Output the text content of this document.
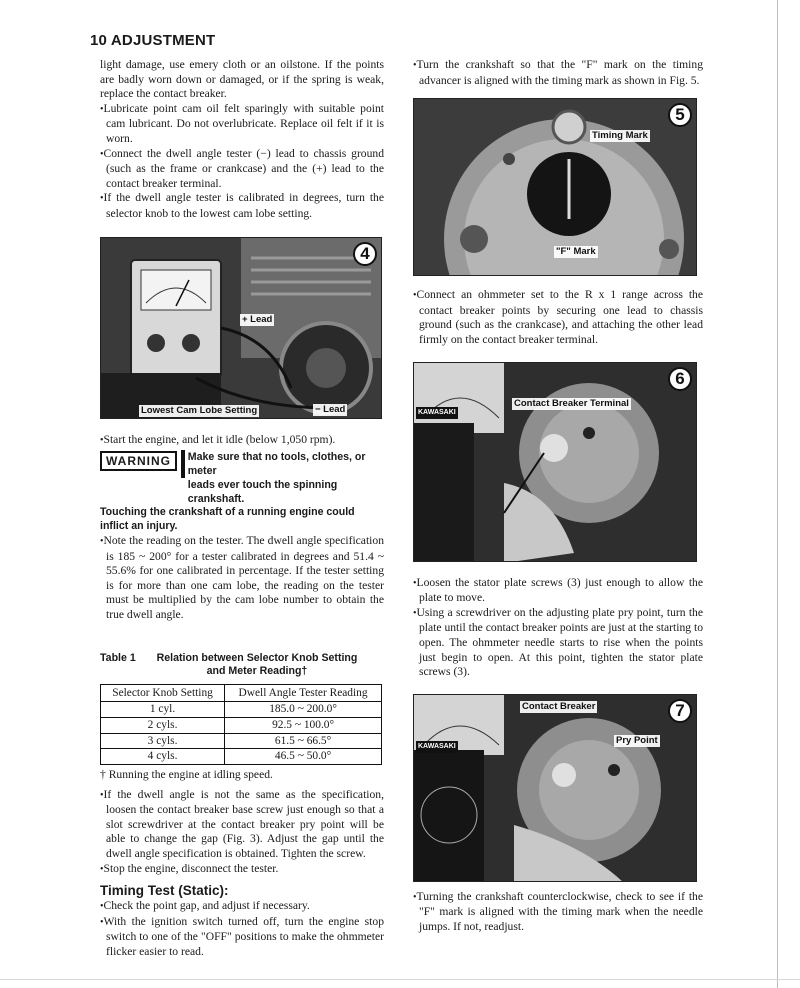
10 ADJUSTMENT

light damage, use emery cloth or an oilstone. If the points are badly worn down or damaged, or if the spring is weak, replace the contact breaker.

• Lubricate point cam oil felt sparingly with suitable point cam lubricant. Do not overlubricate. Replace oil felt if it is worn.

• Connect the dwell angle tester (−) lead to chassis ground (such as the frame or crankcase) and the (+) lead to the contact breaker terminal.

• If the dwell angle tester is calibrated in degrees, turn the selector knob to the lowest cam lobe setting.

4
+ Lead
− Lead
Lowest Cam Lobe Setting

• Start the engine, and let it idle (below 1,050 rpm).

WARNING	Make sure that no tools, clothes, or meter
leads ever touch the spinning crankshaft.

Touching the crankshaft of a running engine could inflict an injury.

• Note the reading on the tester. The dwell angle specification is 185 ~ 200° for a tester calibrated in degrees and 51.4 ~ 55.6% for one calibrated in percentage. If the tester setting is for more than one cam lobe, the reading on the tester must be multiplied by the cam lobe number to obtain the true dwell angle.

Table 1	Relation between Selector Knob Setting
and Meter Reading†
Selector Knob Setting	Dwell Angle Tester Reading
1 cyl.	185.0 ~ 200.0°
2 cyls.	92.5 ~ 100.0°
3 cyls.	61.5 ~ 66.5°
4 cyls.	46.5 ~ 50.0°

† Running the engine at idling speed.

• If the dwell angle is not the same as the specification, loosen the contact breaker base screw just enough so that a slot screwdriver at the contact breaker pry point will be able to change the gap (Fig. 3). Adjust the gap until the dwell angle specification is obtained. Tighten the screw.

• Stop the engine, disconnect the tester.

Timing Test (Static):

• Check the point gap, and adjust if necessary.

• With the ignition switch turned off, turn the engine stop switch to one of the "OFF" positions to make the ohmmeter flicker easier to read.

• Turn the crankshaft so that the "F" mark on the timing advancer is aligned with the timing mark as shown in Fig. 5.

5
Timing Mark
"F" Mark

• Connect an ohmmeter set to the R x 1 range across the contact breaker points by securing one lead to chassis ground (such as the crankcase), and attaching the other lead firmly on the contact breaker terminal.

6
KAWASAKI
Contact Breaker Terminal

• Loosen the stator plate screws (3) just enough to allow the plate to move.

• Using a screwdriver on the adjusting plate pry point, turn the plate until the contact breaker points are just at the starting to open. The ohmmeter needle starts to rise when the points just begin to open. At this point, tighten the stator plate screws (3).

7
KAWASAKI
Contact Breaker
Pry Point

• Turning the crankshaft counterclockwise, check to see if the "F" mark is aligned with the timing mark when the needle jumps. If not, readjust.
